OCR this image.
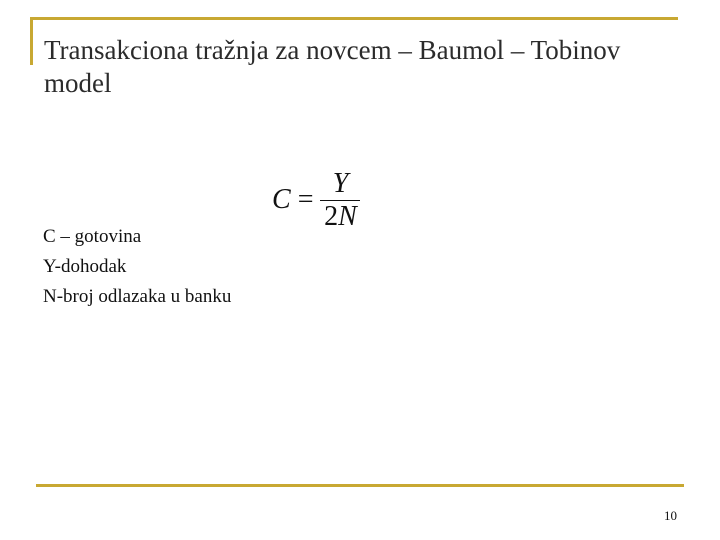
Transakciona tražnja za novcem – Baumol – Tobinov model
$C = \frac{Y}{2N}$
C – gotovina
Y-dohodak
N-broj odlazaka u banku
10
